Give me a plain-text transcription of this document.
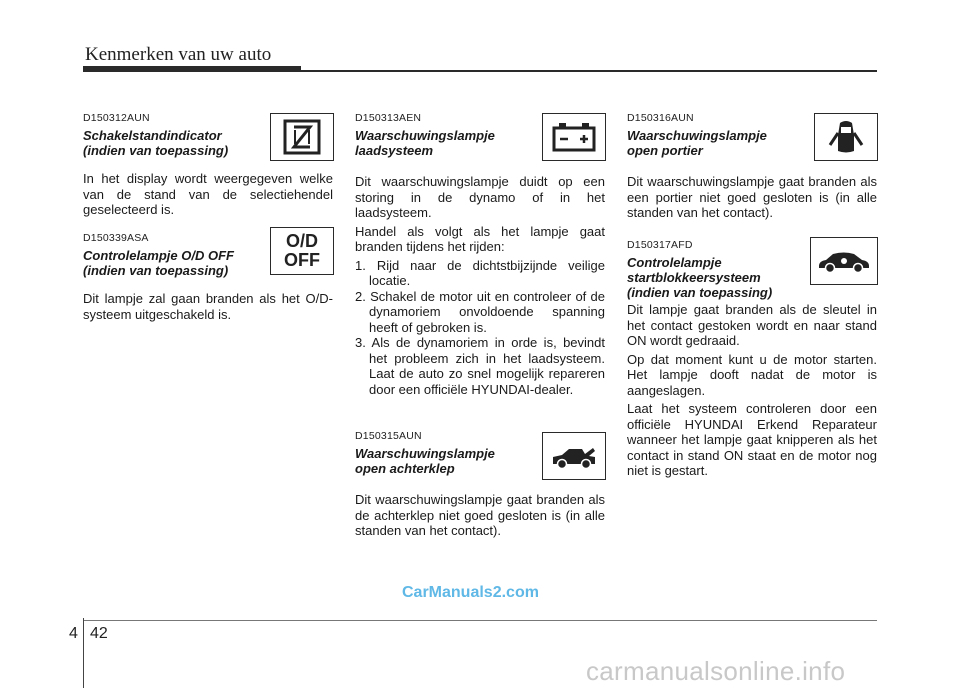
Kenmerken van uw auto

D150312AUN

Schakelstandindicator
(indien van toepassing)

In het display wordt weergegeven welke van de stand van de selectiehendel geselecteerd is.

D150339ASA

Controlelampje O/D OFF
(indien van toepassing)

Dit lampje zal gaan branden als het O/D-systeem uitgeschakeld is.

O/D
OFF

D150313AEN

Waarschuwingslampje
laadsysteem

Dit waarschuwingslampje duidt op een storing in de dynamo of in het laadsysteem.

Handel als volgt als het lampje gaat branden tijdens het rijden:

1. Rijd naar de dichtstbijzijnde veilige locatie.
2. Schakel de motor uit en controleer of de dynamoriem onvoldoende spanning heeft of gebroken is.
3. Als de dynamoriem in orde is, bevindt het probleem zich in het laadsysteem. Laat de auto zo snel mogelijk repareren door een officiële HYUNDAI-dealer.

D150315AUN

Waarschuwingslampje
open achterklep

Dit waarschuwingslampje gaat branden als de achterklep niet goed gesloten is (in alle standen van het contact).

D150316AUN

Waarschuwingslampje
open portier

Dit waarschuwingslampje gaat branden als een portier niet goed gesloten is (in alle standen van het contact).

D150317AFD

Controlelampje
startblokkeersysteem
(indien van toepassing)

Dit lampje gaat branden als de sleutel in het contact gestoken wordt en naar stand ON wordt gedraaid.

Op dat moment kunt u de motor starten. Het lampje dooft nadat de motor is aangeslagen.

Laat het systeem controleren door een officiële HYUNDAI Erkend Reparateur wanneer het lampje gaat knipperen als het contact in stand ON staat en de motor nog niet is gestart.

CarManuals2.com
4 42
carmanualsonline.info
